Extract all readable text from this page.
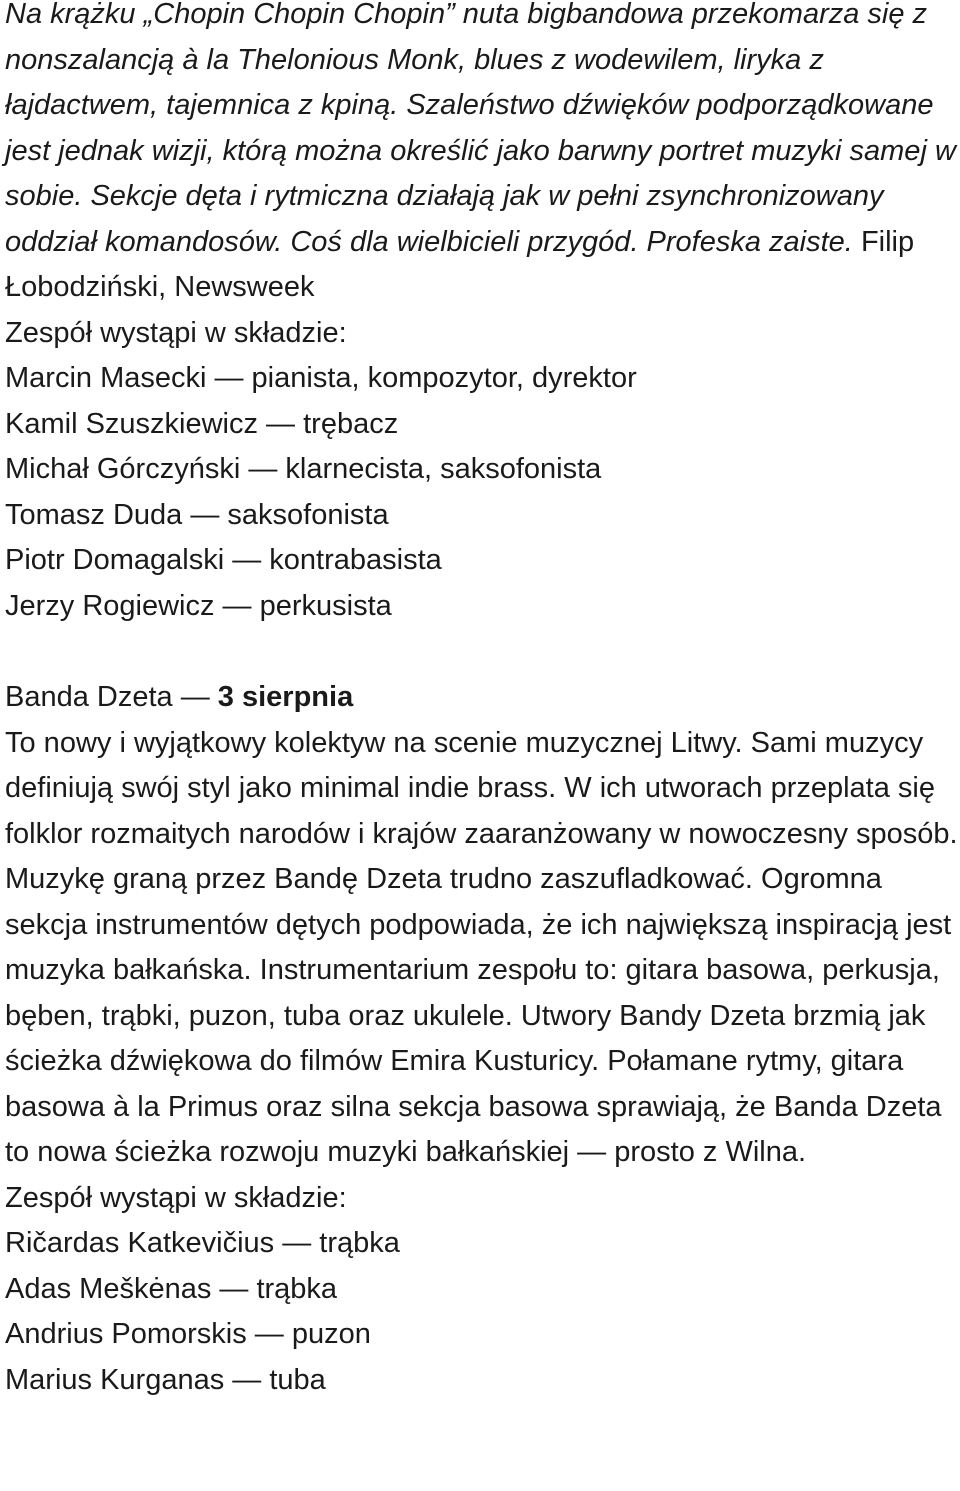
Na krążku „Chopin Chopin Chopin” nuta bigbandowa przekomarza się z nonszalancją à la Thelonious Monk, blues z wodewilem, liryka z łajdactwem, tajemnica z kpiną. Szaleństwo dźwięków podporządkowane jest jednak wizji, którą można określić jako barwny portret muzyki samej w sobie. Sekcje dęta i rytmiczna działają jak w pełni zsynchronizowany oddział komandosów. Coś dla wielbicieli przygód. Profeska zaiste. Filip Łobodziński, Newsweek

Zespół wystąpi w składzie:

Marcin Masecki — pianista, kompozytor, dyrektor
Kamil Szuszkiewicz — trębacz
Michał Górczyński — klarnecista, saksofonista
Tomasz Duda — saksofonista
Piotr Domagalski — kontrabasista
Jerzy Rogiewicz — perkusista

Banda Dzeta — 3 sierpnia

To nowy i wyjątkowy kolektyw na scenie muzycznej Litwy. Sami muzycy definiują swój styl jako minimal indie brass. W ich utworach przeplata się folklor rozmaitych narodów i krajów zaaranżowany w nowoczesny sposób. Muzykę graną przez Bandę Dzeta trudno zaszufladkować. Ogromna sekcja instrumentów dętych podpowiada, że ich największą inspiracją jest muzyka bałkańska. Instrumentarium zespołu to: gitara basowa, perkusja, bęben, trąbki, puzon, tuba oraz ukulele. Utwory Bandy Dzeta brzmią jak ścieżka dźwiękowa do filmów Emira Kusturicy. Połamane rytmy, gitara basowa à la Primus oraz silna sekcja basowa sprawiają, że Banda Dzeta to nowa ścieżka rozwoju muzyki bałkańskiej — prosto z Wilna.

Zespół wystąpi w składzie:

Ričardas Katkevičius — trąbka
Adas Meškėnas — trąbka
Andrius Pomorskis — puzon
Marius Kurganas — tuba
